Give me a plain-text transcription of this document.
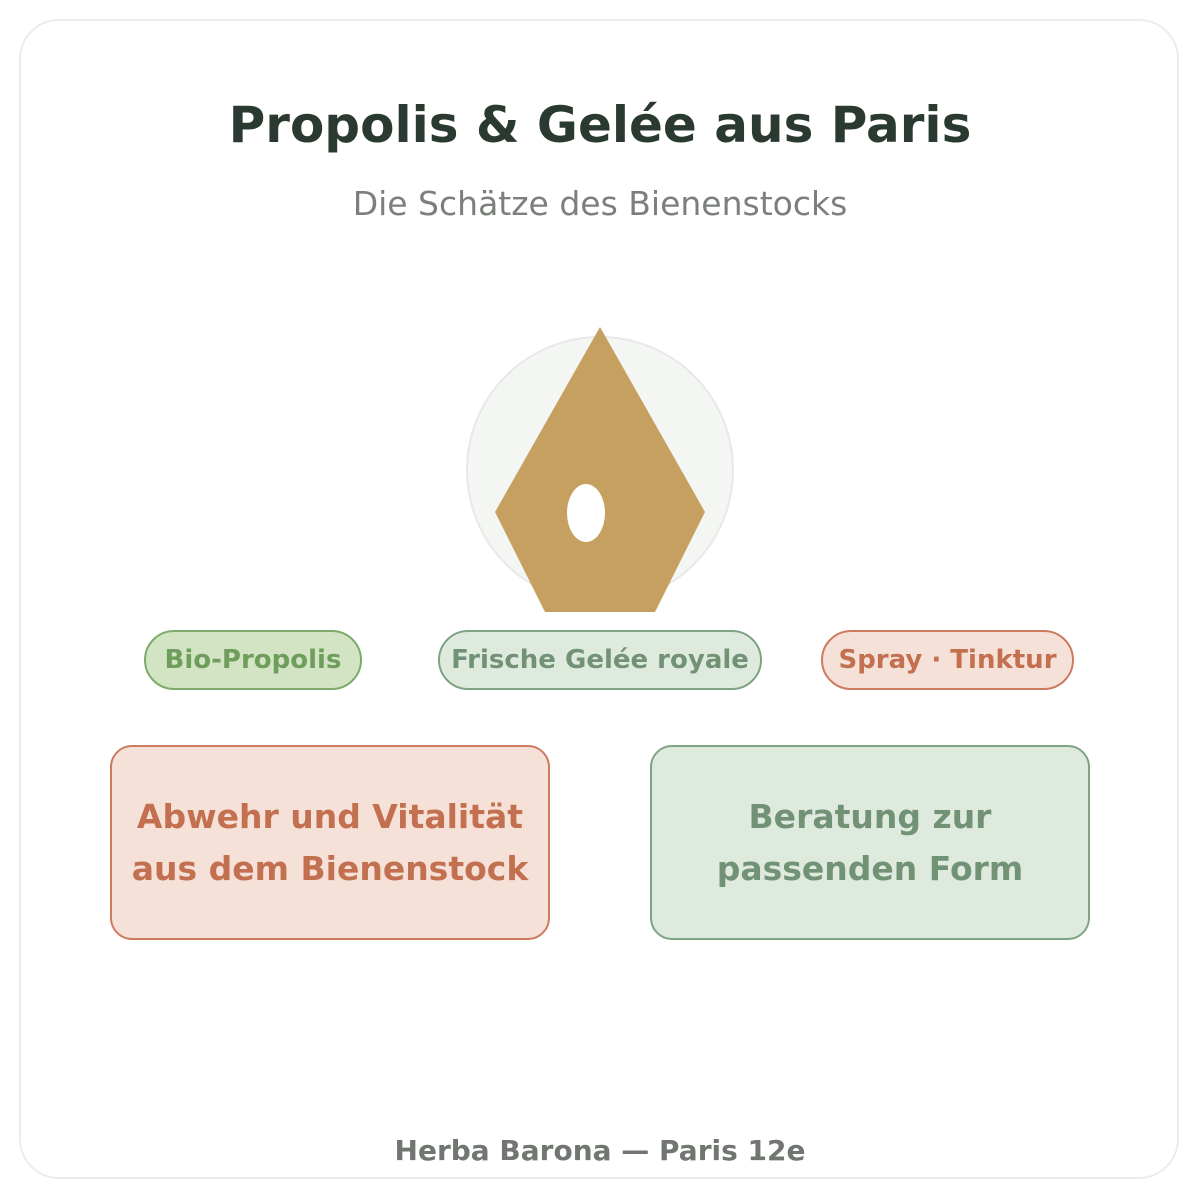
Propolis & Gelée aus Paris
Die Schätze des Bienenstocks
Bio-Propolis	Frische Gelée royale	Spray · Tinktur
Abwehr und Vitalität aus dem Bienenstock
Beratung zur passenden Form
Herba Barona — Paris 12e
